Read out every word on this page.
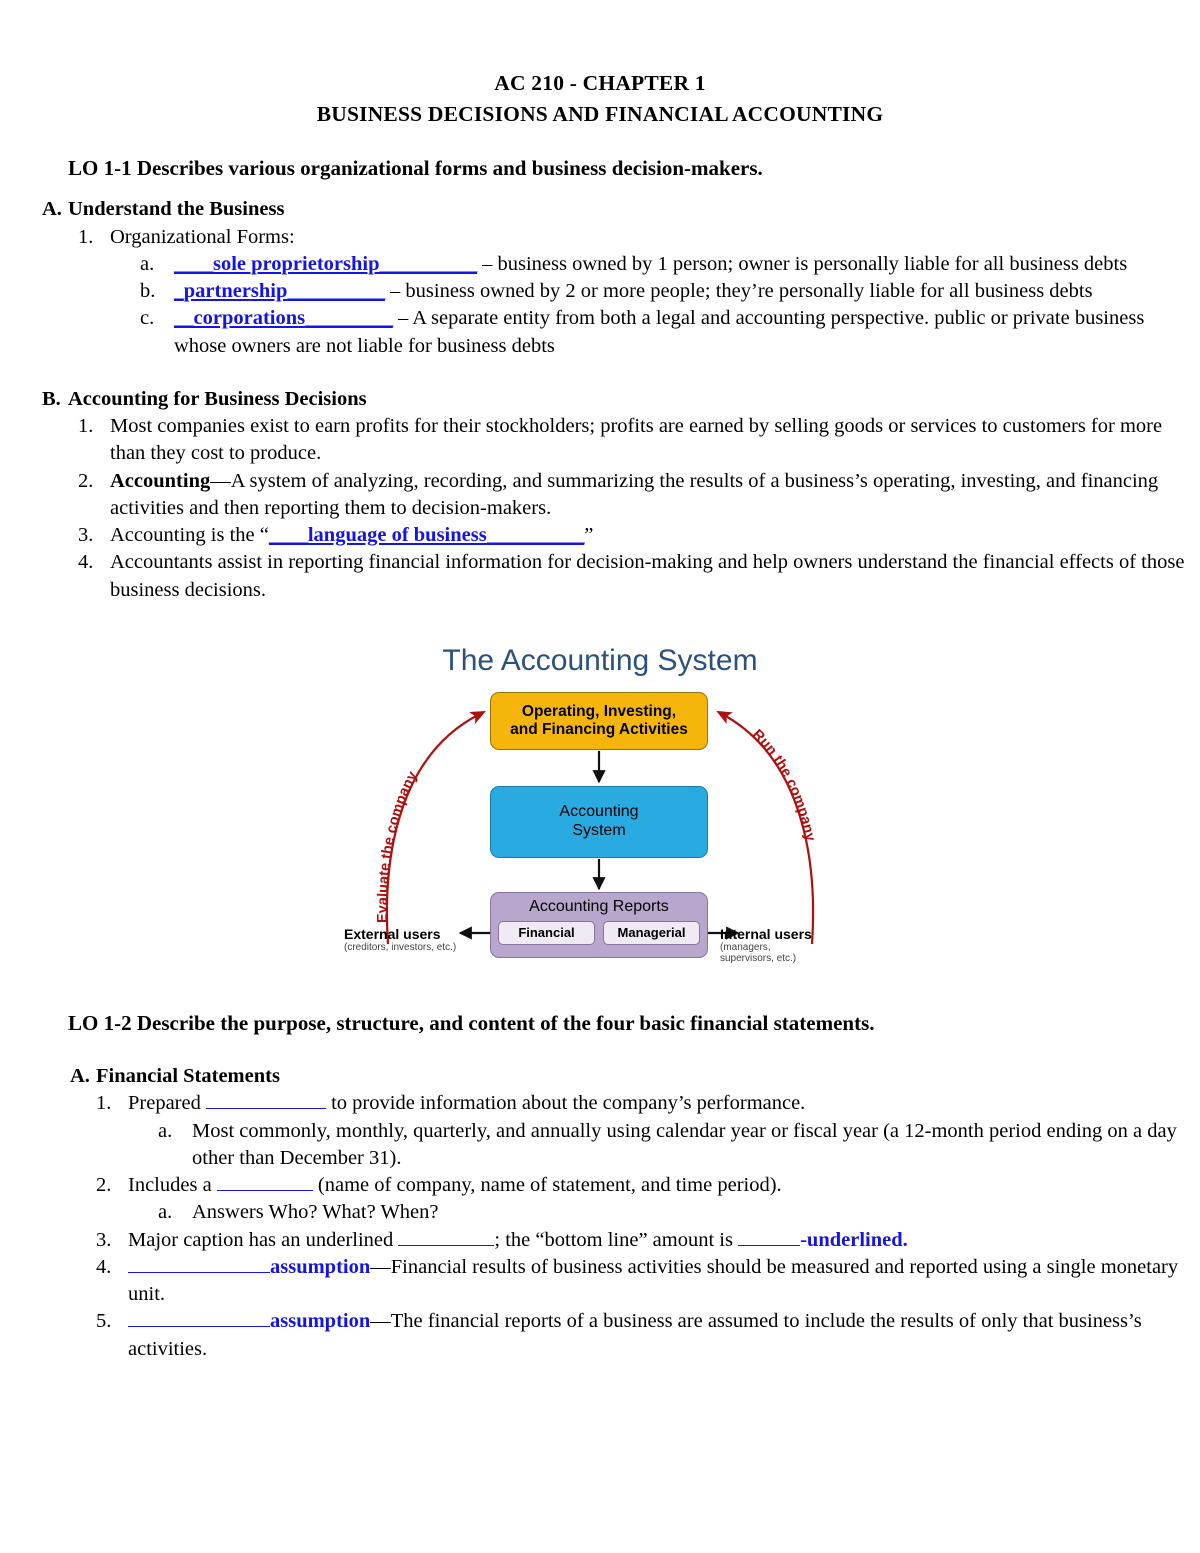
AC 210 - CHAPTER 1
BUSINESS DECISIONS AND FINANCIAL ACCOUNTING
LO 1-1 Describes various organizational forms and business decision-makers.
A. Understand the Business
1. Organizational Forms:
a. ____sole proprietorship__________ – business owned by 1 person; owner is personally liable for all business debts
b. _partnership__________ – business owned by 2 or more people; they’re personally liable for all business debts
c. __corporations_________ – A separate entity from both a legal and accounting perspective. public or private business whose owners are not liable for business debts
B. Accounting for Business Decisions
1. Most companies exist to earn profits for their stockholders; profits are earned by selling goods or services to customers for more than they cost to produce.
2. Accounting—A system of analyzing, recording, and summarizing the results of a business’s operating, investing, and financing activities and then reporting them to decision-makers.
3. Accounting is the “____language of business__________”
4. Accountants assist in reporting financial information for decision-making and help owners understand the financial effects of those business decisions.
The Accounting System
Evaluate the company
Run the company
Operating, Investing,
and Financing Activities
Accounting
System
Accounting Reports
Financial	Managerial
External users
(creditors, investors, etc.)
Internal users
(managers,
supervisors, etc.)
LO 1-2 Describe the purpose, structure, and content of the four basic financial statements.
A. Financial Statements
1. Prepared	to provide information about the company’s performance.
a. Most commonly, monthly, quarterly, and annually using calendar year or fiscal year (a 12-month period ending on a day other than December 31).
2. Includes a	(name of company, name of statement, and time period).
a. Answers Who? What? When?
3. Major caption has an underlined	; the “bottom line” amount is	-underlined.
4.	assumption—Financial results of business activities should be measured and reported using a single monetary unit.
5.	assumption—The financial reports of a business are assumed to include the results of only that business’s activities.
